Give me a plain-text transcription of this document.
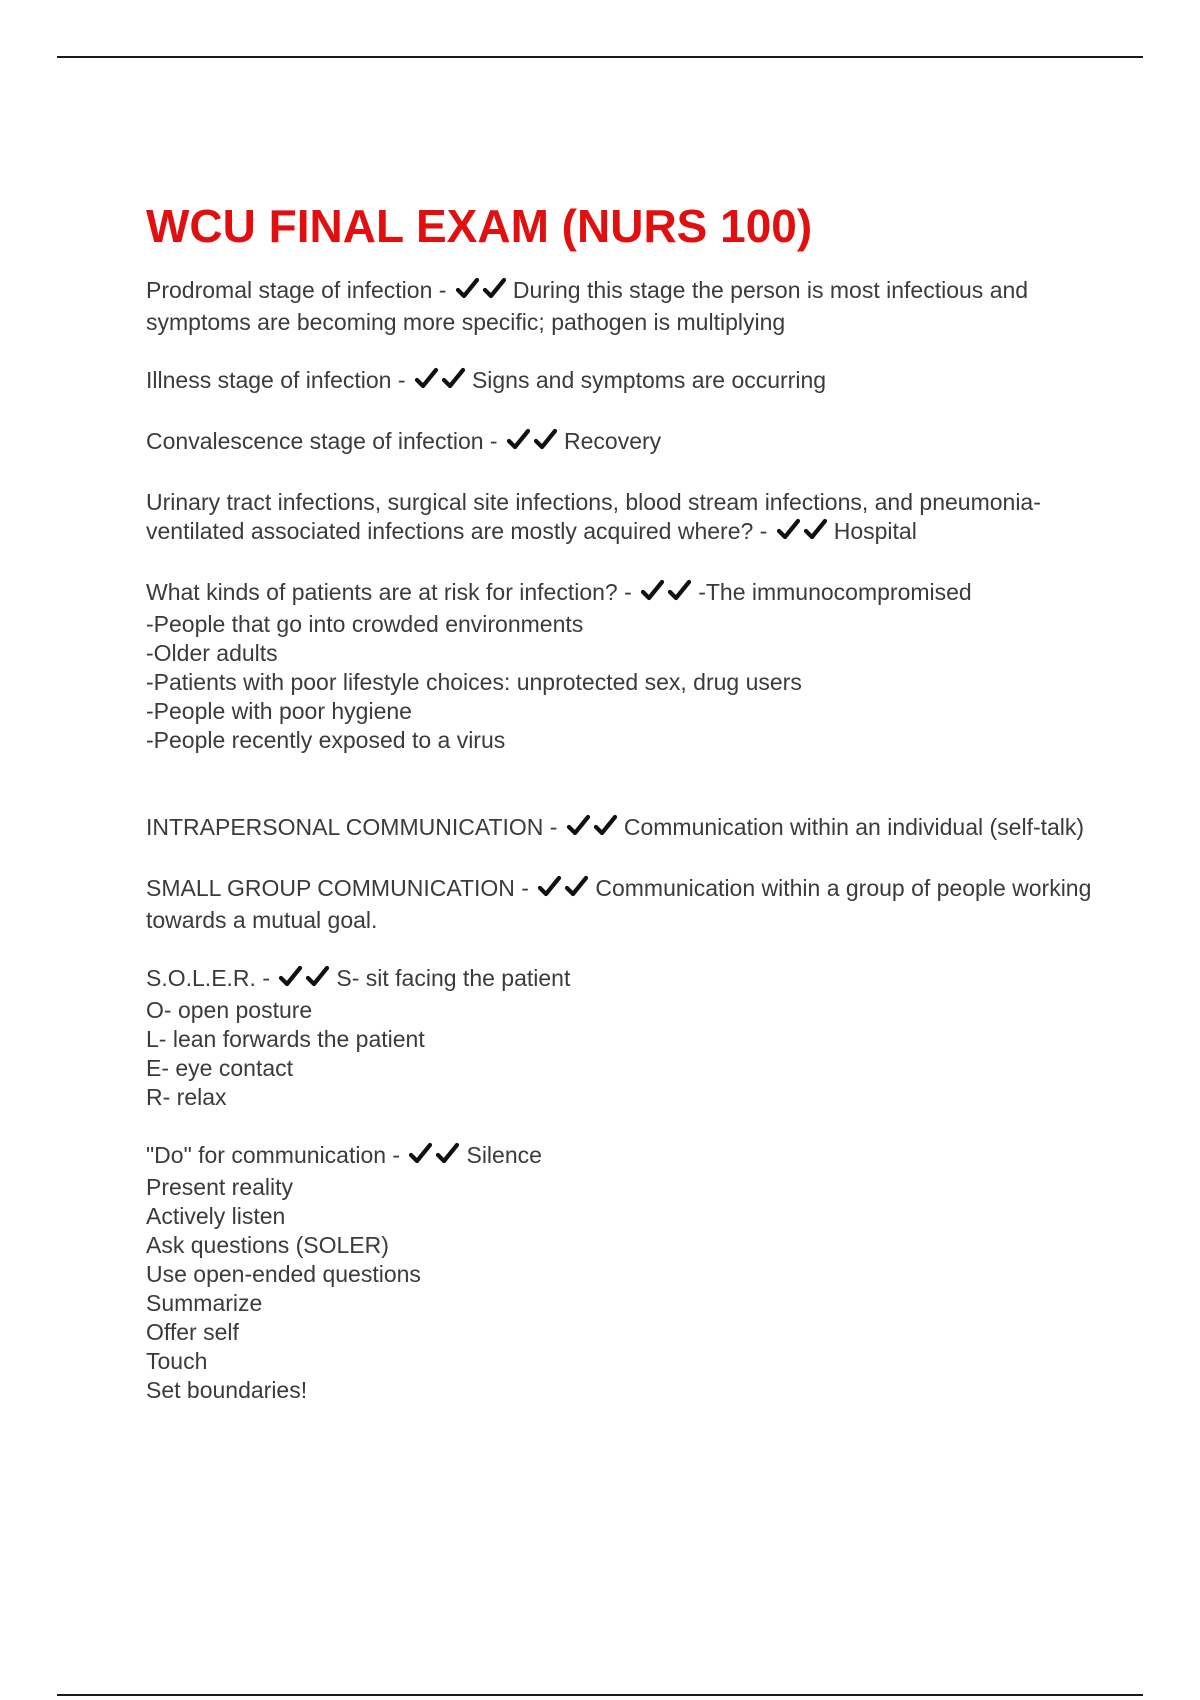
WCU FINAL EXAM (NURS 100)
Prodromal stage of infection -	During this stage the person is most infectious and symptoms are becoming more specific; pathogen is multiplying
Illness stage of infection -	Signs and symptoms are occurring
Convalescence stage of infection -	Recovery
Urinary tract infections, surgical site infections, blood stream infections, and pneumonia-ventilated associated infections are mostly acquired where? -	Hospital
What kinds of patients are at risk for infection? -	-The immunocompromised
-People that go into crowded environments
-Older adults
-Patients with poor lifestyle choices: unprotected sex, drug users
-People with poor hygiene
-People recently exposed to a virus
INTRAPERSONAL COMMUNICATION -	Communication within an individual (self-talk)
SMALL GROUP COMMUNICATION -	Communication within a group of people working towards a mutual goal.
S.O.L.E.R. -	S- sit facing the patient
O- open posture
L- lean forwards the patient
E- eye contact
R- relax
"Do" for communication -	Silence
Present reality
Actively listen
Ask questions (SOLER)
Use open-ended questions
Summarize
Offer self
Touch
Set boundaries!
